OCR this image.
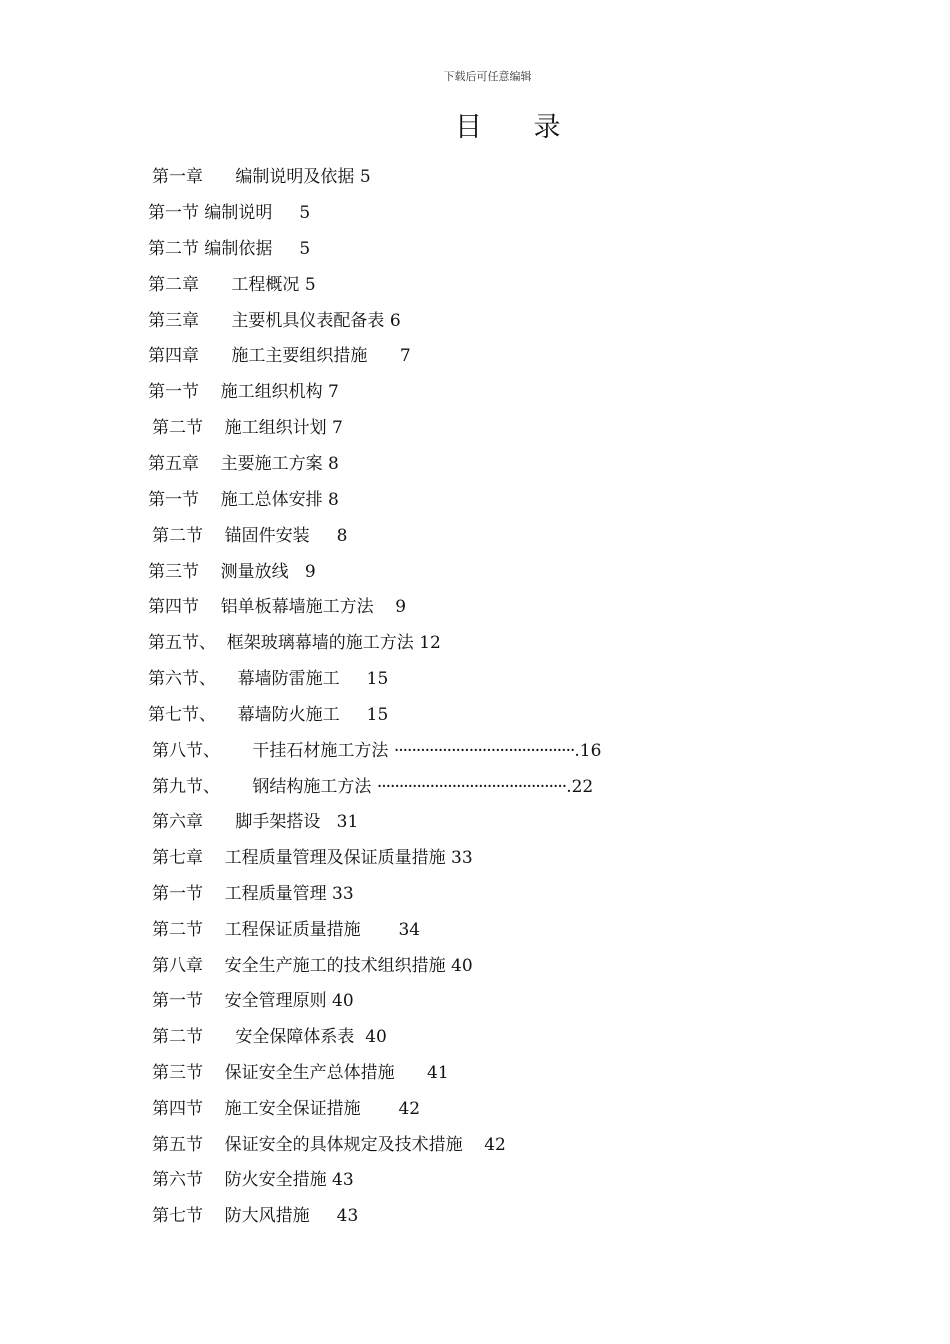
下载后可任意编辑
目      录
第一章      编制说明及依据 5
第一节 编制说明     5
第二节 编制依据     5
第二章      工程概况 5
第三章      主要机具仪表配备表 6
第四章      施工主要组织措施      7
第一节    施工组织机构 7
第二节    施工组织计划 7
第五章    主要施工方案 8
第一节    施工总体安排 8
第二节    锚固件安装     8
第三节    测量放线   9
第四节    铝单板幕墙施工方法    9
第五节、  框架玻璃幕墙的施工方法 12
第六节、    幕墙防雷施工     15
第七节、    幕墙防火施工     15
第八节、      干挂石材施工方法 ·········································.16
第九节、      钢结构施工方法 ···········································.22
第六章      脚手架搭设   31
第七章    工程质量管理及保证质量措施 33
第一节    工程质量管理 33
第二节    工程保证质量措施       34
第八章    安全生产施工的技术组织措施 40
第一节    安全管理原则 40
第二节      安全保障体系表  40
第三节    保证安全生产总体措施      41
第四节    施工安全保证措施       42
第五节    保证安全的具体规定及技术措施    42
第六节    防火安全措施 43
第七节    防大风措施     43
